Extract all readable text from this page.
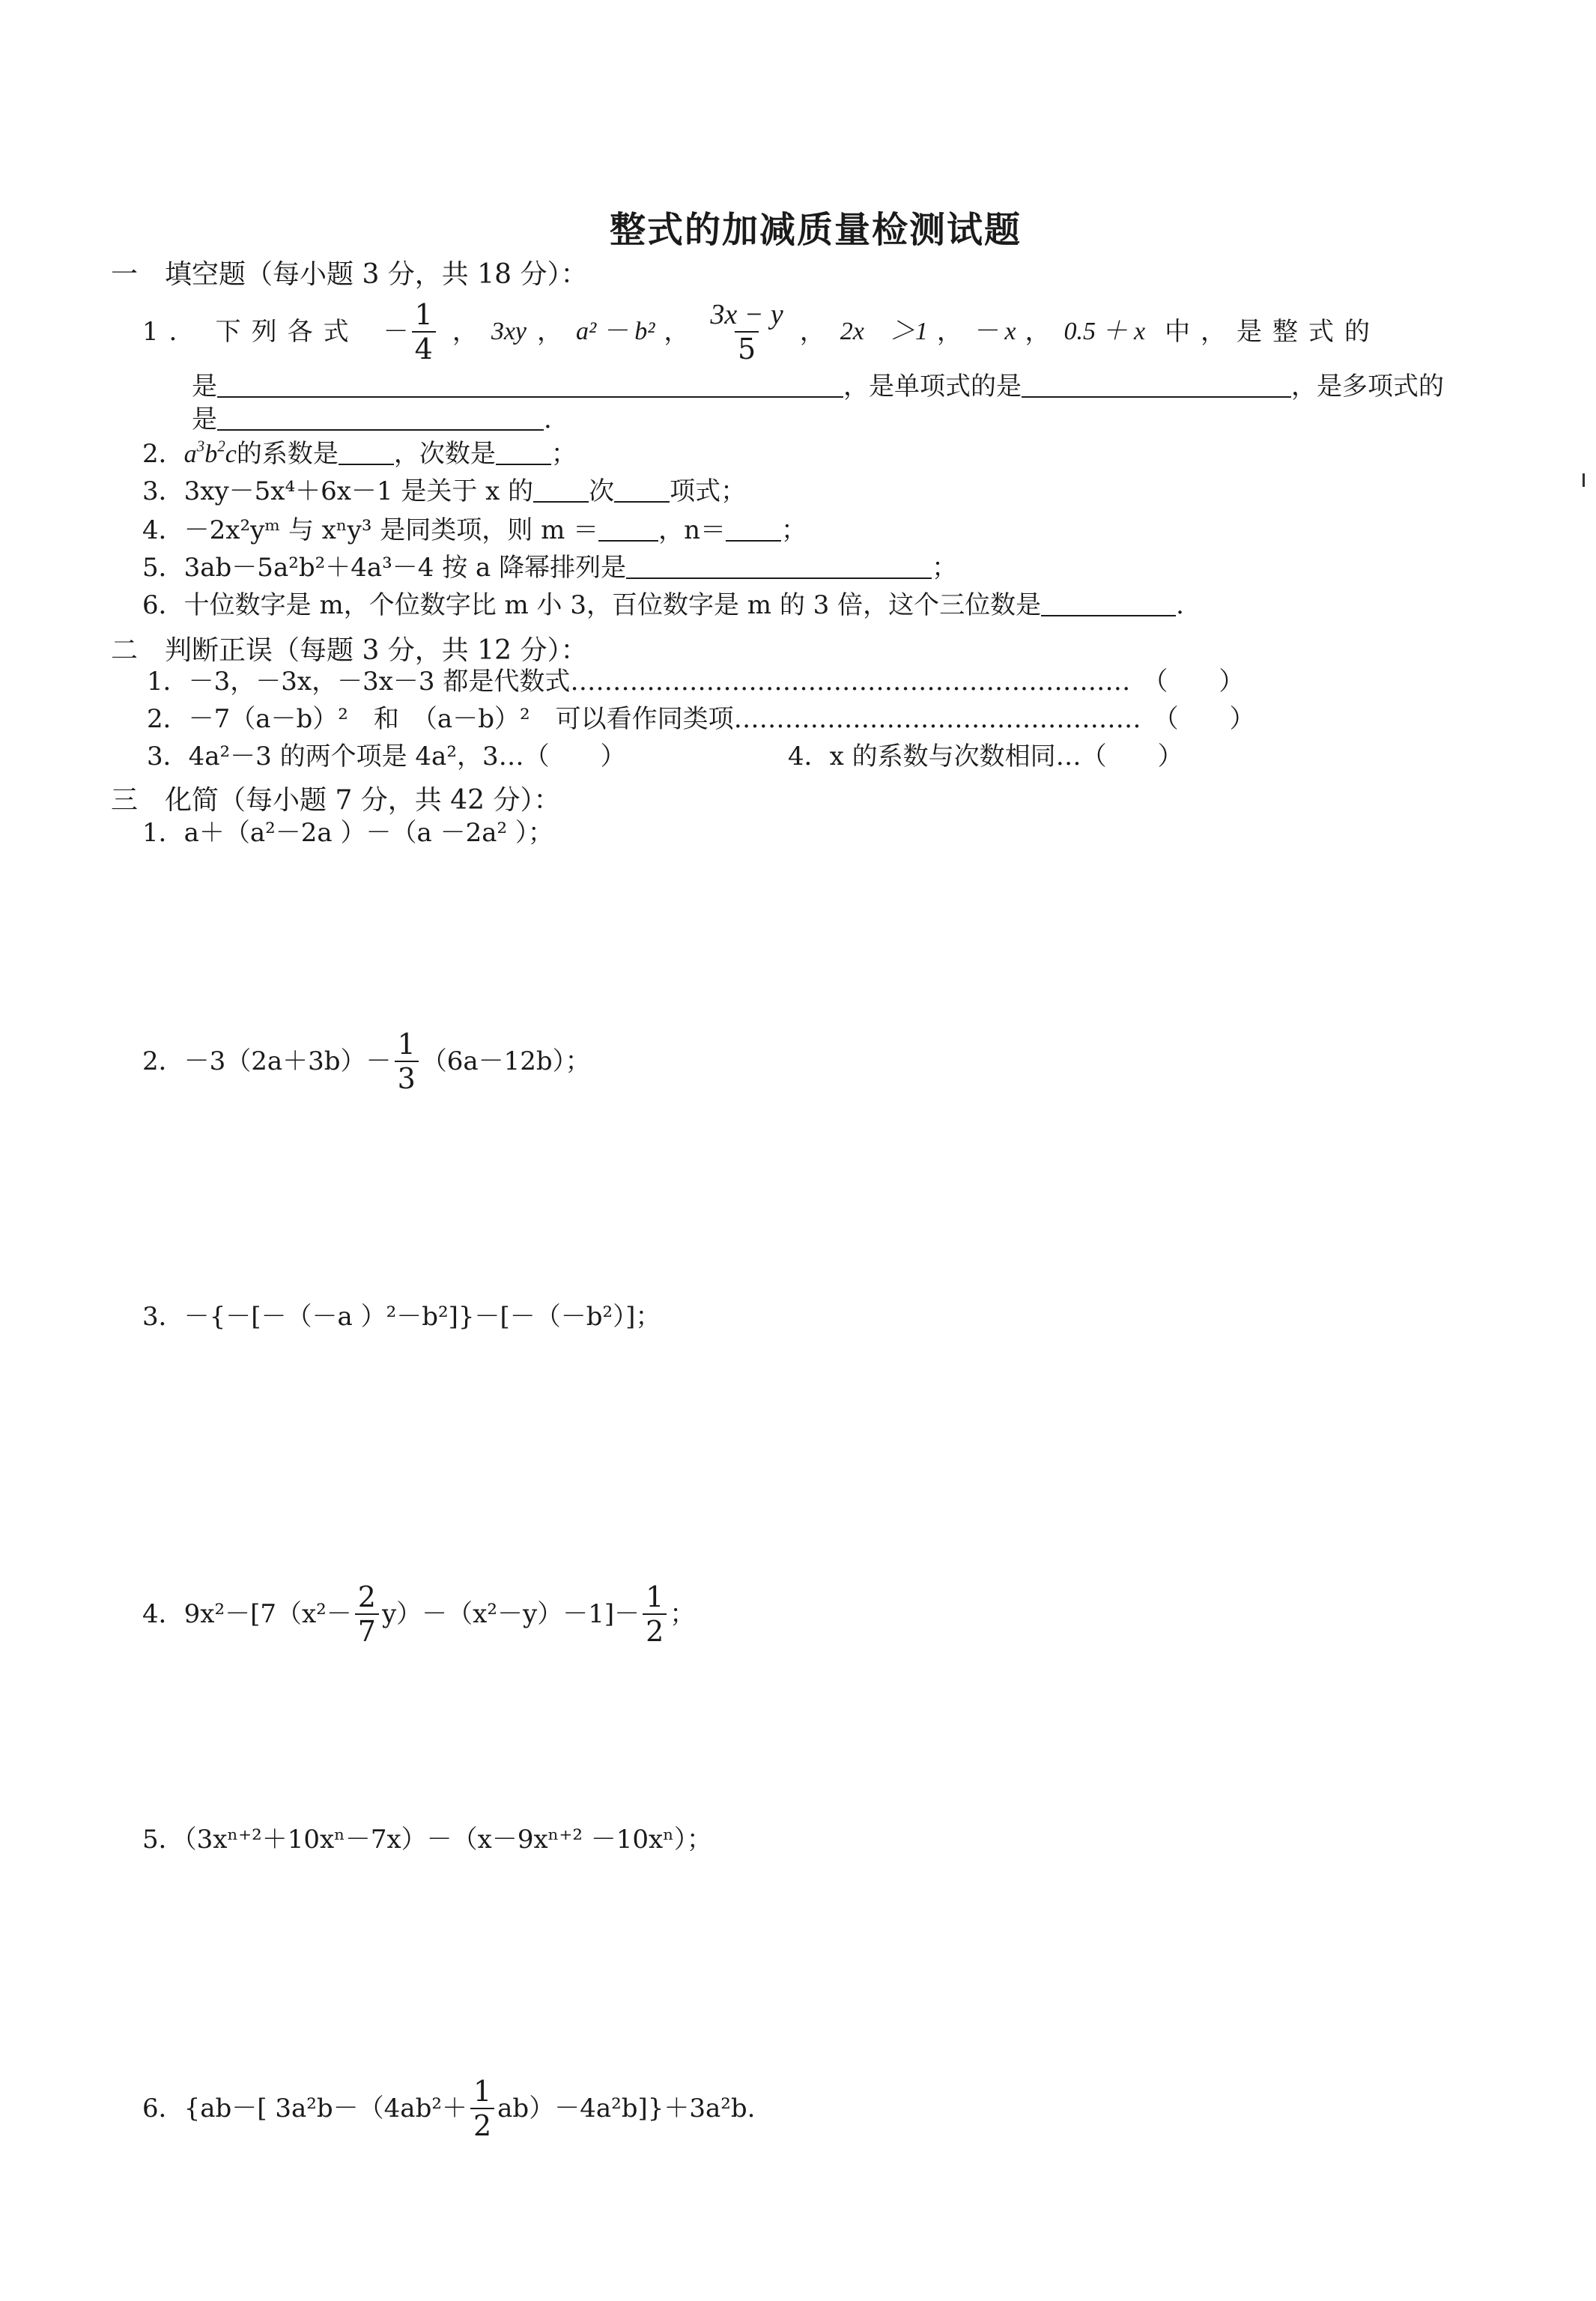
整式的加减质量检测试题
一　填空题（每小题 3 分，共 18 分）：
1． 下列各式 － $\frac{1}{4}$ ， 3xy ， a² － b² ， $\frac{3x - y}{5}$ ， 2x　＞1 ， － x ， 0.5 ＋ x 中，是整式的
是	，是单项式的是	，是多项式的
是	.
2．$a^3b^2c$的系数是 ，次数是 ；
3．3xy－5x⁴＋6x－1 是关于 x 的 次 项式；
4．－2x²yᵐ 与 xⁿy³ 是同类项，则 m ＝ ，n＝ ；
5．3ab－5a²b²＋4a³－4 按 a 降幂排列是	；
6．十位数字是 m，个位数字比 m 小 3，百位数字是 m 的 3 倍，这个三位数是	.
二　判断正误（每题 3 分，共 12 分）：
1．－3，－3x，－3x－3 都是代数式………………………………………………………… （　　）
2．－7（a－b）²　和　（a－b）²　可以看作同类项………………………………………… （　　）
3．4a²－3 的两个项是 4a²，3…（　　）	4．x 的系数与次数相同…（　　）
三　化简（每小题 7 分，共 42 分）：
1．a＋（a²－2a ）－（a －2a² ）；
2．$-3(2a+3b)- \frac{1}{3} (6a-12b)$；
3．－{－[－（－a ）²－b²]}－[－（－b²）]；
4．$9x^2-[7(x^2- \frac{2}{7} y)-(x^2-y)-1]- \frac{1}{2}$ ；
5．（3xⁿ⁺²＋10xⁿ－7x）－（x－9xⁿ⁺² －10xⁿ）；
6．{ab－[ $3a^2b-(4ab^2+ \frac{1}{2} ab)-4a^2b]\}+3a^2b$.
